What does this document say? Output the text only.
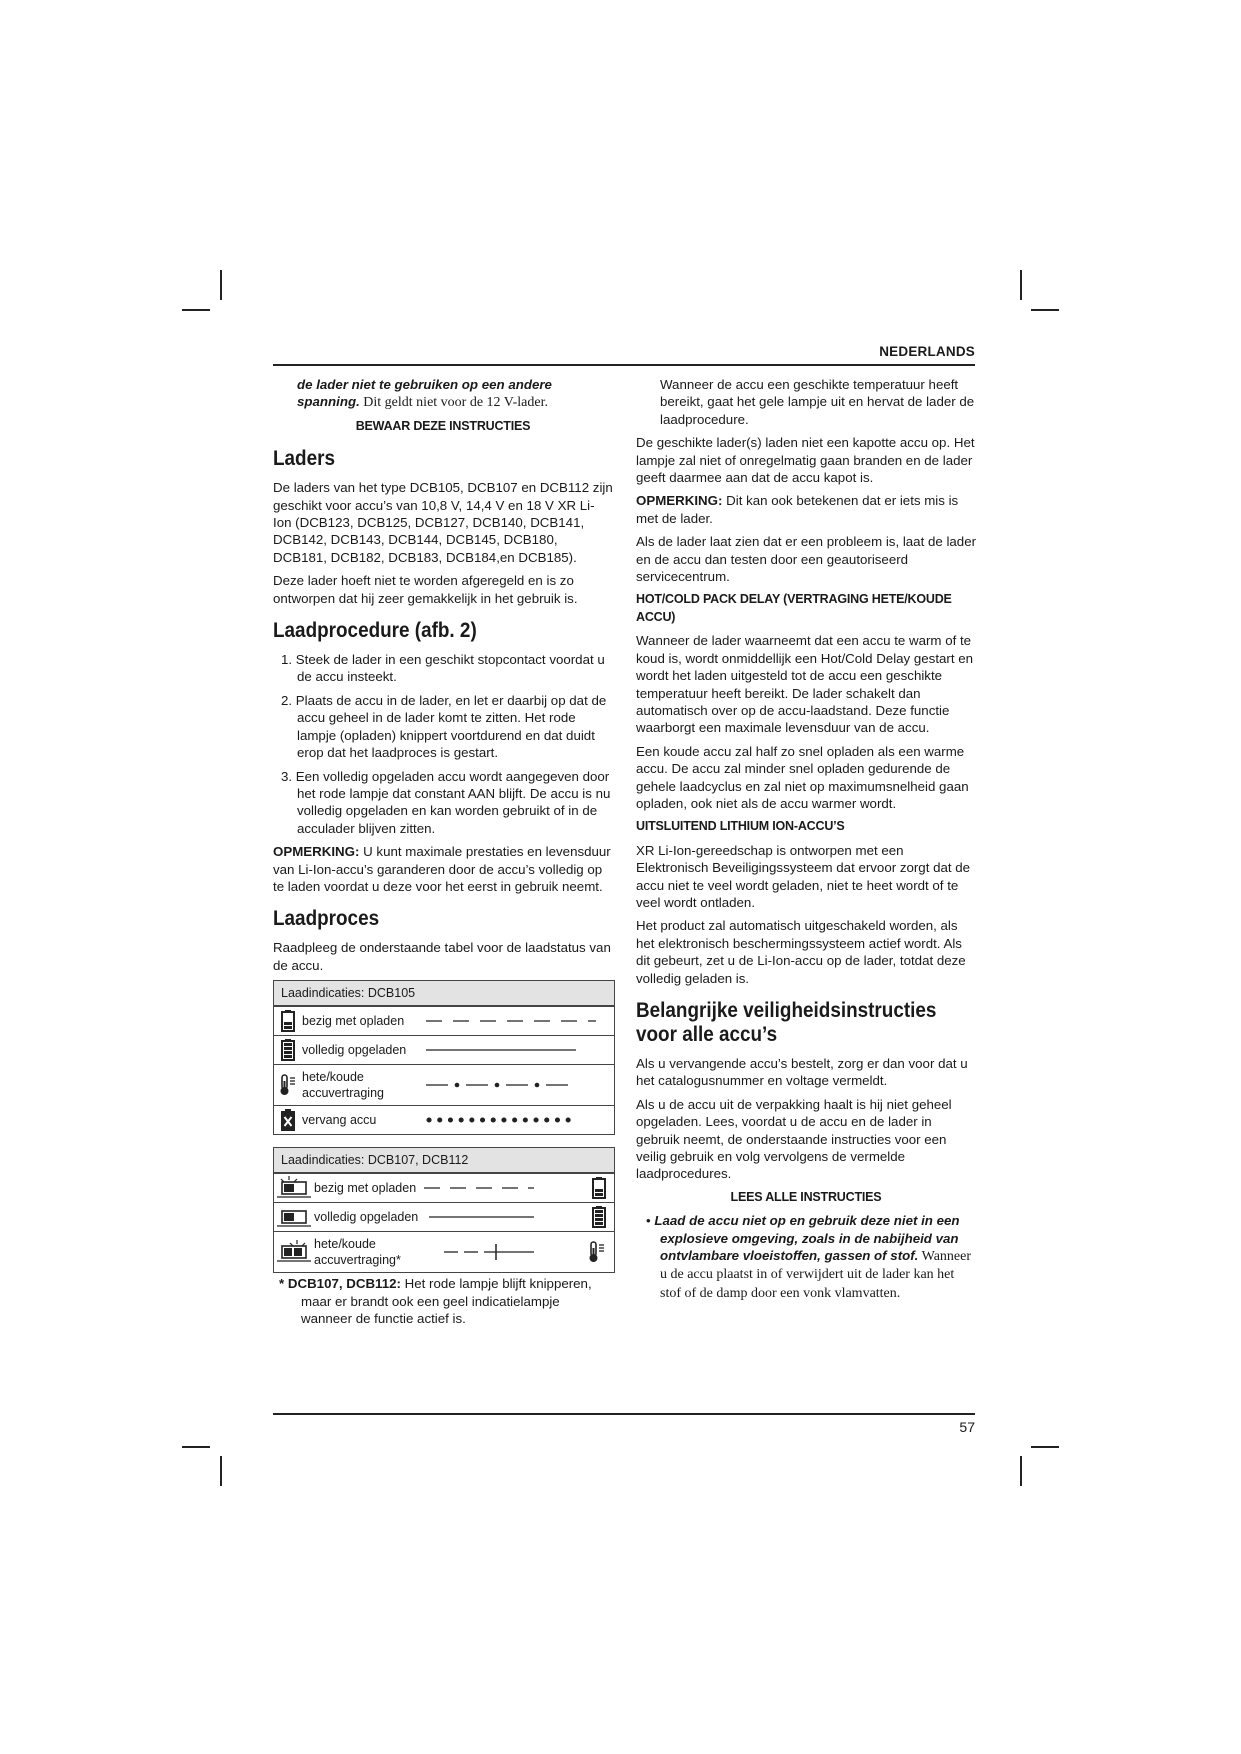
NEDERLANDS

de lader niet te gebruiken op een andere spanning. Dit geldt niet voor de 12 V-lader.

BEWAAR DEZE INSTRUCTIES
Laders

De laders van het type DCB105, DCB107 en DCB112 zijn geschikt voor accu’s van 10,8 V, 14,4 V en 18 V XR Li-Ion (DCB123, DCB125, DCB127, DCB140, DCB141, DCB142, DCB143, DCB144, DCB145, DCB180, DCB181, DCB182, DCB183, DCB184,en DCB185).

Deze lader hoeft niet te worden afgeregeld en is zo ontworpen dat hij zeer gemakkelijk in het gebruik is.

Laadprocedure (afb. 2)
1. Steek de lader in een geschikt stopcontact voordat u de accu insteekt.
2. Plaats de accu in de lader, en let er daarbij op dat de accu geheel in de lader komt te zitten. Het rode lampje (opladen) knippert voortdurend en dat duidt erop dat het laadproces is gestart.
3. Een volledig opgeladen accu wordt aangegeven door het rode lampje dat constant AAN blijft. De accu is nu volledig opgeladen en kan worden gebruikt of in de acculader blijven zitten.

OPMERKING: U kunt maximale prestaties en levensduur van Li-Ion-accu’s garanderen door de accu’s volledig op te laden voordat u deze voor het eerst in gebruik neemt.

Laadproces

Raadpleeg de onderstaande tabel voor de laadstatus van de accu.

Laadindicaties: DCB105
bezig met opladen
volledig opgeladen
hete/koude accuvertraging
vervang accu
Laadindicaties: DCB107, DCB112
bezig met opladen
volledig opgeladen
hete/koude accuvertraging*

* DCB107, DCB112: Het rode lampje blijft knipperen, maar er brandt ook een geel indicatielampje wanneer de functie actief is.

Wanneer de accu een geschikte temperatuur heeft bereikt, gaat het gele lampje uit en hervat de lader de laadprocedure.

De geschikte lader(s) laden niet een kapotte accu op. Het lampje zal niet of onregelmatig gaan branden en de lader geeft daarmee aan dat de accu kapot is.

OPMERKING: Dit kan ook betekenen dat er iets mis is met de lader.

Als de lader laat zien dat er een probleem is, laat de lader en de accu dan testen door een geautoriseerd servicecentrum.

HOT/COLD PACK DELAY (VERTRAGING HETE/KOUDE ACCU)

Wanneer de lader waarneemt dat een accu te warm of te koud is, wordt onmiddellijk een Hot/Cold Delay gestart en wordt het laden uitgesteld tot de accu een geschikte temperatuur heeft bereikt. De lader schakelt dan automatisch over op de accu-laadstand. Deze functie waarborgt een maximale levensduur van de accu.

Een koude accu zal half zo snel opladen als een warme accu. De accu zal minder snel opladen gedurende de gehele laadcyclus en zal niet op maximumsnelheid gaan opladen, ook niet als de accu warmer wordt.

UITSLUITEND LITHIUM ION-ACCU’S

XR Li-Ion-gereedschap is ontworpen met een Elektronisch Beveiligingssysteem dat ervoor zorgt dat de accu niet te veel wordt geladen, niet te heet wordt of te veel wordt ontladen.

Het product zal automatisch uitgeschakeld worden, als het elektronisch beschermingssysteem actief wordt. Als dit gebeurt, zet u de Li-Ion-accu op de lader, totdat deze volledig geladen is.

Belangrijke veiligheidsinstructies voor alle accu’s

Als u vervangende accu’s bestelt, zorg er dan voor dat u het catalogusnummer en voltage vermeldt.

Als u de accu uit de verpakking haalt is hij niet geheel opgeladen. Lees, voordat u de accu en de lader in gebruik neemt, de onderstaande instructies voor een veilig gebruik en volg vervolgens de vermelde laadprocedures.

LEES ALLE INSTRUCTIES

• Laad de accu niet op en gebruik deze niet in een explosieve omgeving, zoals in de nabijheid van ontvlambare vloeistoffen, gassen of stof. Wanneer u de accu plaatst in of verwijdert uit de lader kan het stof of de damp door een vonk vlamvatten.

57
